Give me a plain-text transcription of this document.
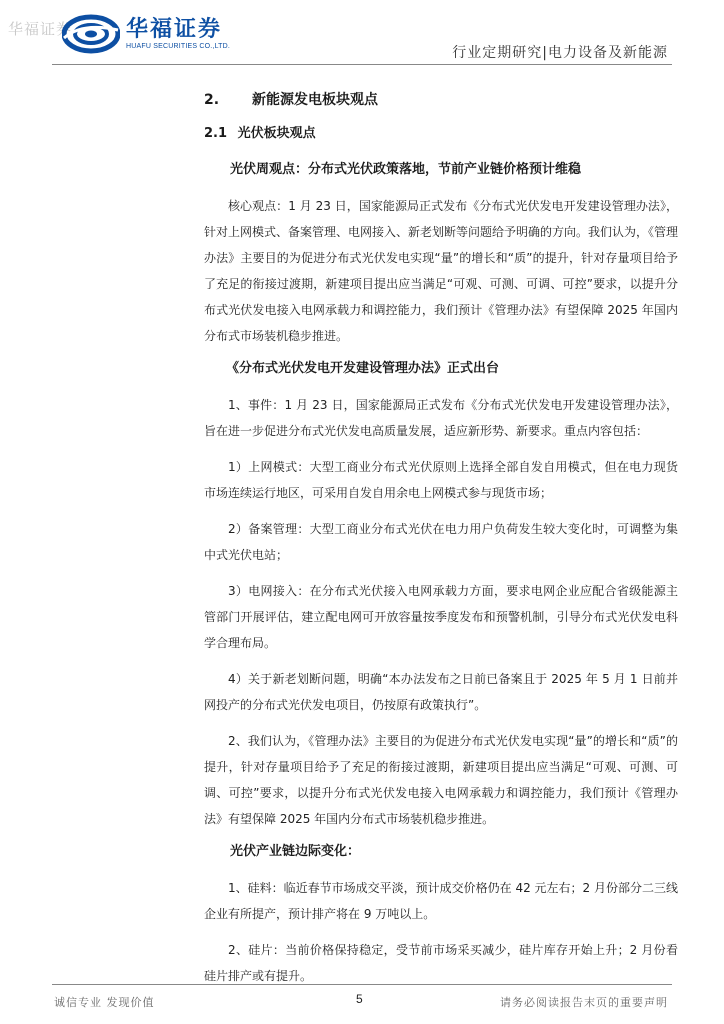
华福证券 华福证券
HUAFU SECURITIES CO.,LTD.	行业定期研究|电力设备及新能源
2.	新能源发电板块观点
2.1 光伏板块观点
光伏周观点：分布式光伏政策落地，节前产业链价格预计维稳

核心观点：1 月 23 日，国家能源局正式发布《分布式光伏发电开发建设管理办法》，针对上网模式、备案管理、电网接入、新老划断等问题给予明确的方向。我们认为，《管理办法》主要目的为促进分布式光伏发电实现“量”的增长和“质”的提升，针对存量项目给予了充足的衔接过渡期，新建项目提出应当满足“可观、可测、可调、可控”要求，以提升分布式光伏发电接入电网承载力和调控能力，我们预计《管理办法》有望保障 2025 年国内分布式市场装机稳步推进。

《分布式光伏发电开发建设管理办法》正式出台

1、事件：1 月 23 日，国家能源局正式发布《分布式光伏发电开发建设管理办法》，旨在进一步促进分布式光伏发电高质量发展，适应新形势、新要求。重点内容包括：

1）上网模式：大型工商业分布式光伏原则上选择全部自发自用模式，但在电力现货市场连续运行地区，可采用自发自用余电上网模式参与现货市场；

2）备案管理：大型工商业分布式光伏在电力用户负荷发生较大变化时，可调整为集中式光伏电站；

3）电网接入：在分布式光伏接入电网承载力方面，要求电网企业应配合省级能源主管部门开展评估，建立配电网可开放容量按季度发布和预警机制，引导分布式光伏发电科学合理布局。

4）关于新老划断问题，明确“本办法发布之日前已备案且于 2025 年 5 月 1 日前并网投产的分布式光伏发电项目，仍按原有政策执行”。

2、我们认为，《管理办法》主要目的为促进分布式光伏发电实现“量”的增长和“质”的提升，针对存量项目给予了充足的衔接过渡期，新建项目提出应当满足“可观、可测、可调、可控”要求，以提升分布式光伏发电接入电网承载力和调控能力，我们预计《管理办法》有望保障 2025 年国内分布式市场装机稳步推进。

光伏产业链边际变化：

1、硅料：临近春节市场成交平淡，预计成交价格仍在 42 元左右；2 月份部分二三线企业有所提产，预计排产将在 9 万吨以上。

2、硅片：当前价格保持稳定，受节前市场采买减少，硅片库存开始上升；2 月份看硅片排产或有提升。

诚信专业 发现价值	5	请务必阅读报告末页的重要声明
